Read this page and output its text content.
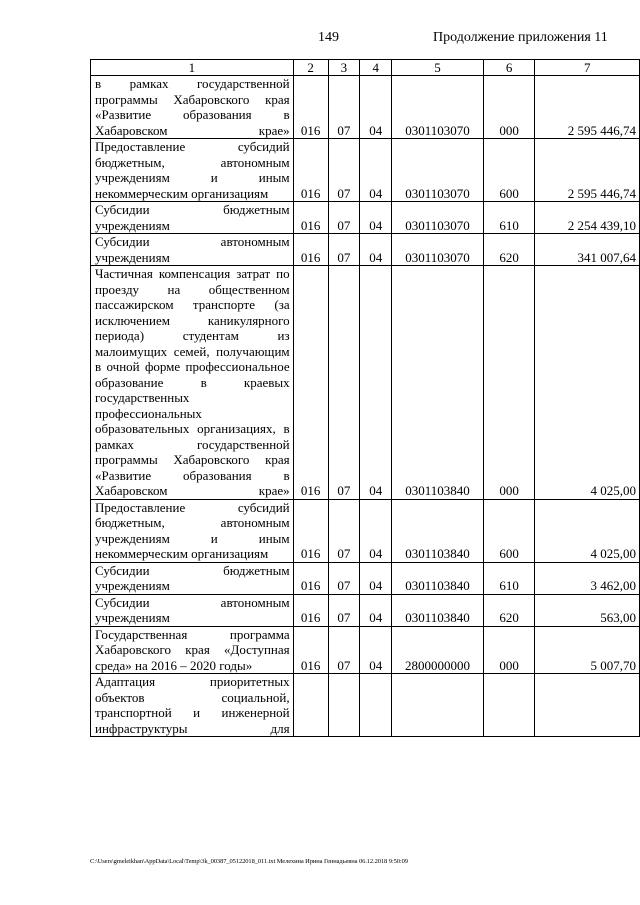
149	Продолжение приложения 11
1	2	3	4	5	6	7
в рамках государственной программы Хабаровского края «Развитие образования в Хабаровском крае»	016	07	04	0301103070	000	2 595 446,74
Предоставление субсидий бюджетным, автономным учреждениям и иным некоммерческим организациям	016	07	04	0301103070	600	2 595 446,74
Субсидии бюджетным учреждениям	016	07	04	0301103070	610	2 254 439,10
Субсидии автономным учреждениям	016	07	04	0301103070	620	341 007,64
Частичная компенсация затрат по проезду на общественном пассажирском транспорте (за исключением каникулярного периода) студентам из малоимущих семей, получающим в очной форме профессиональное образование в краевых государственных профессиональных образовательных организациях, в рамках государственной программы Хабаровского края «Развитие образования в Хабаровском крае»	016	07	04	0301103840	000	4 025,00
Предоставление субсидий бюджетным, автономным учреждениям и иным некоммерческим организациям	016	07	04	0301103840	600	4 025,00
Субсидии бюджетным учреждениям	016	07	04	0301103840	610	3 462,00
Субсидии автономным учреждениям	016	07	04	0301103840	620	563,00
Государственная программа Хабаровского края «Доступная среда» на 2016 – 2020 годы»	016	07	04	2800000000	000	5 007,70
Адаптация приоритетных объектов социальной, транспортной и инженерной инфраструктуры для						
C:\Users\gmeleikhan\AppData\Local\Temp\3k_00387_05122018_011.txt Мелехина Ирина Геннадьевна 06.12.2018 9:50:09
